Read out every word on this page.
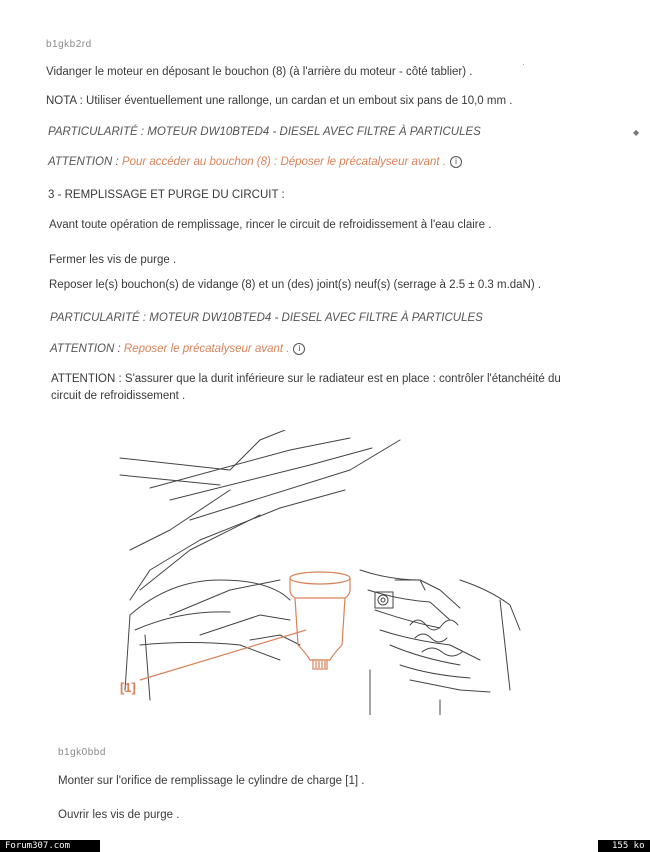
b1gkb2rd
Vidanger le moteur en déposant le bouchon (8) (à l'arrière du moteur - côté tablier) .
·
NOTA : Utiliser éventuellement une rallonge, un cardan et un embout six pans de 10,0 mm .
PARTICULARITÉ : MOTEUR DW10BTED4 - DIESEL AVEC FILTRE À PARTICULES	◆
ATTENTION : Pour accéder au bouchon (8) : Déposer le précatalyseur avant . i
3 - REMPLISSAGE ET PURGE DU CIRCUIT :
Avant toute opération de remplissage, rincer le circuit de refroidissement à l'eau claire .
Fermer les vis de purge .
Reposer le(s) bouchon(s) de vidange (8) et un (des) joint(s) neuf(s) (serrage à 2.5 ± 0.3 m.daN) .
PARTICULARITÉ : MOTEUR DW10BTED4 - DIESEL AVEC FILTRE À PARTICULES
ATTENTION : Reposer le précatalyseur avant . i
ATTENTION : S'assurer que la durit inférieure sur le radiateur est en place : contrôler l'étanchéité du
circuit de refroidissement .
[1]
b1gk0bbd
Monter sur l'orifice de remplissage le cylindre de charge [1] .
Ouvrir les vis de purge .
Forum307.com	155 ko
